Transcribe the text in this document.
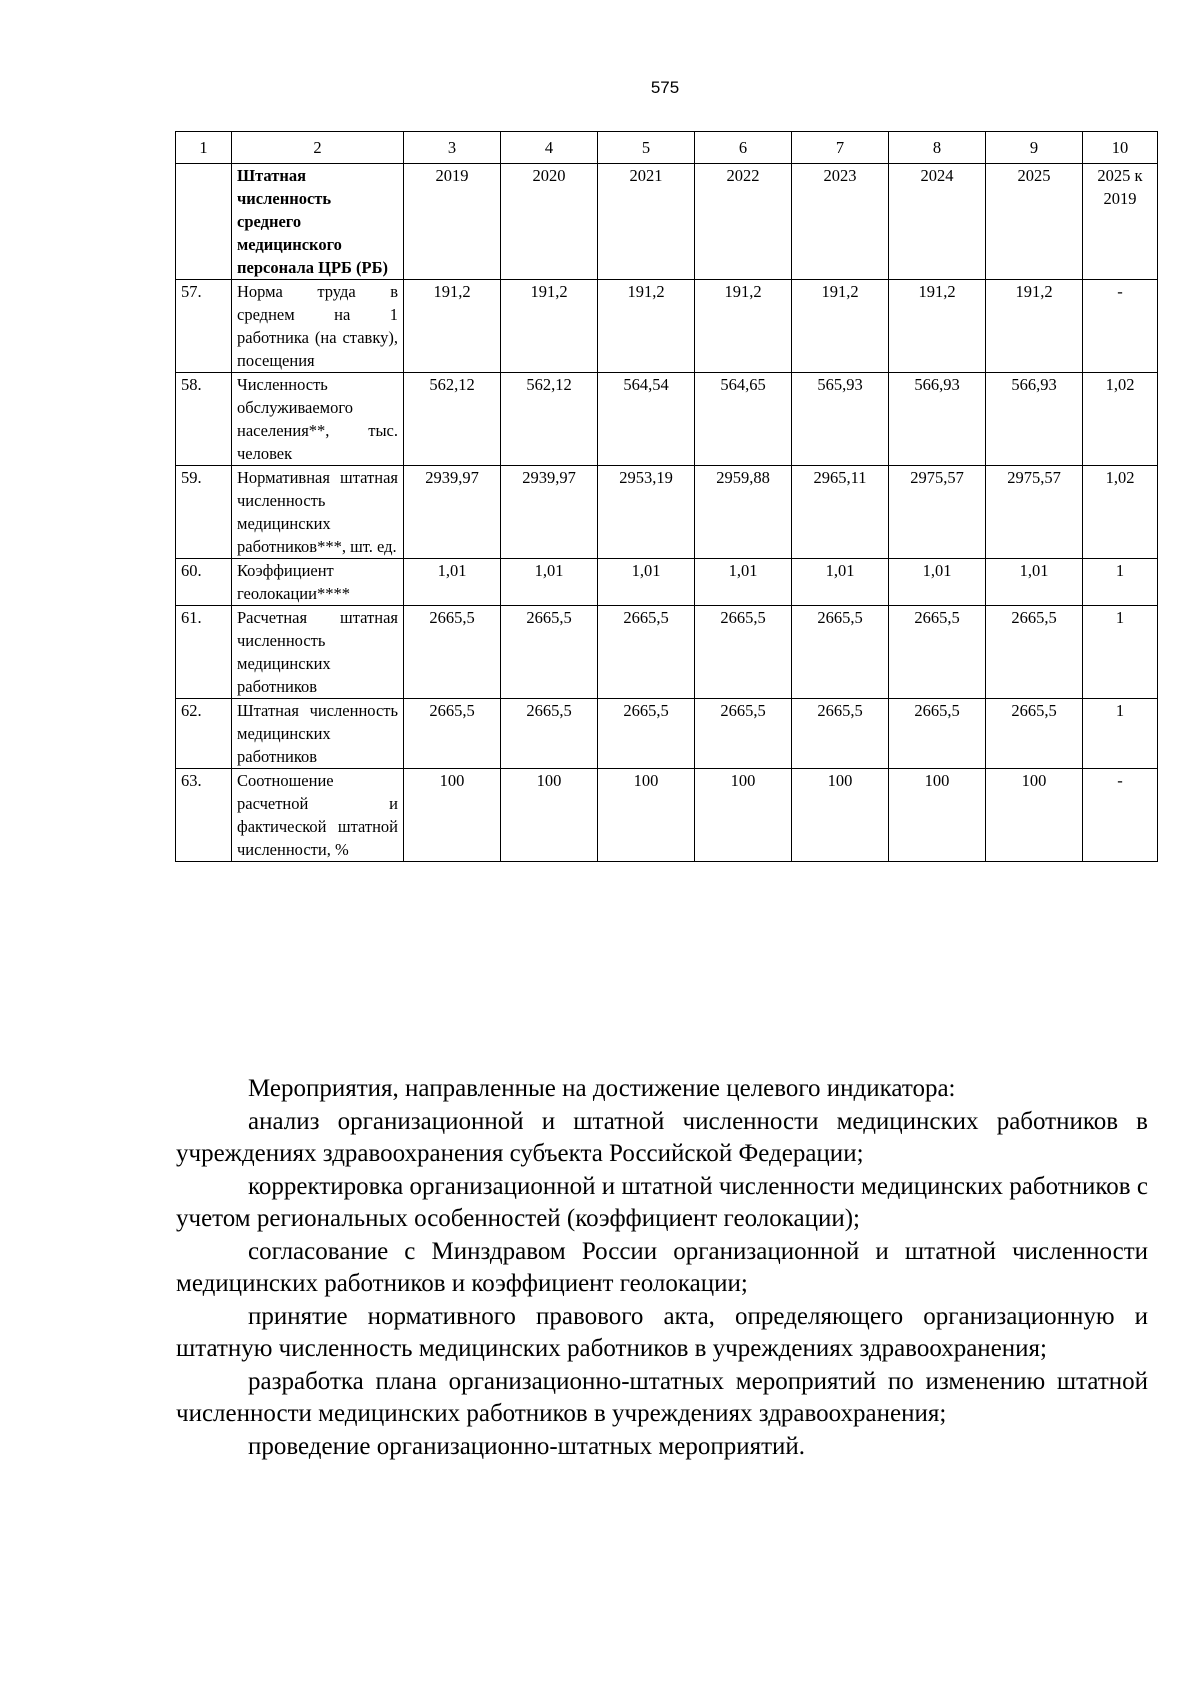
575
1	2	3	4	5	6	7	8	9	10
	Штатная численность среднего медицинского персонала ЦРБ (РБ)	2019	2020	2021	2022	2023	2024	2025	2025 к 2019
57.	Норма труда в среднем на 1 работника (на ставку), посещения	191,2	191,2	191,2	191,2	191,2	191,2	191,2	-
58.	Численность обслуживаемого населения**, тыс. человек	562,12	562,12	564,54	564,65	565,93	566,93	566,93	1,02
59.	Нормативная штатная численность медицинских работников***, шт. ед.	2939,97	2939,97	2953,19	2959,88	2965,11	2975,57	2975,57	1,02
60.	Коэффициент геолокации****	1,01	1,01	1,01	1,01	1,01	1,01	1,01	1
61.	Расчетная штатная численность медицинских работников	2665,5	2665,5	2665,5	2665,5	2665,5	2665,5	2665,5	1
62.	Штатная численность медицинских работников	2665,5	2665,5	2665,5	2665,5	2665,5	2665,5	2665,5	1
63.	Соотношение расчетной и фактической штатной численности, %	100	100	100	100	100	100	100	-

Мероприятия, направленные на достижение целевого индикатора:

анализ организационной и штатной численности медицинских работников в учреждениях здравоохранения субъекта Российской Федерации;

корректировка организационной и штатной численности медицинских работников с учетом региональных особенностей (коэффициент геолокации);

согласование с Минздравом России организационной и штатной численности медицинских работников и коэффициент геолокации;

принятие нормативного правового акта, определяющего организационную и штатную численность медицинских работников в учреждениях здравоохранения;

разработка плана организационно-штатных мероприятий по изменению штатной численности медицинских работников в учреждениях здравоохранения;

проведение организационно-штатных мероприятий.
